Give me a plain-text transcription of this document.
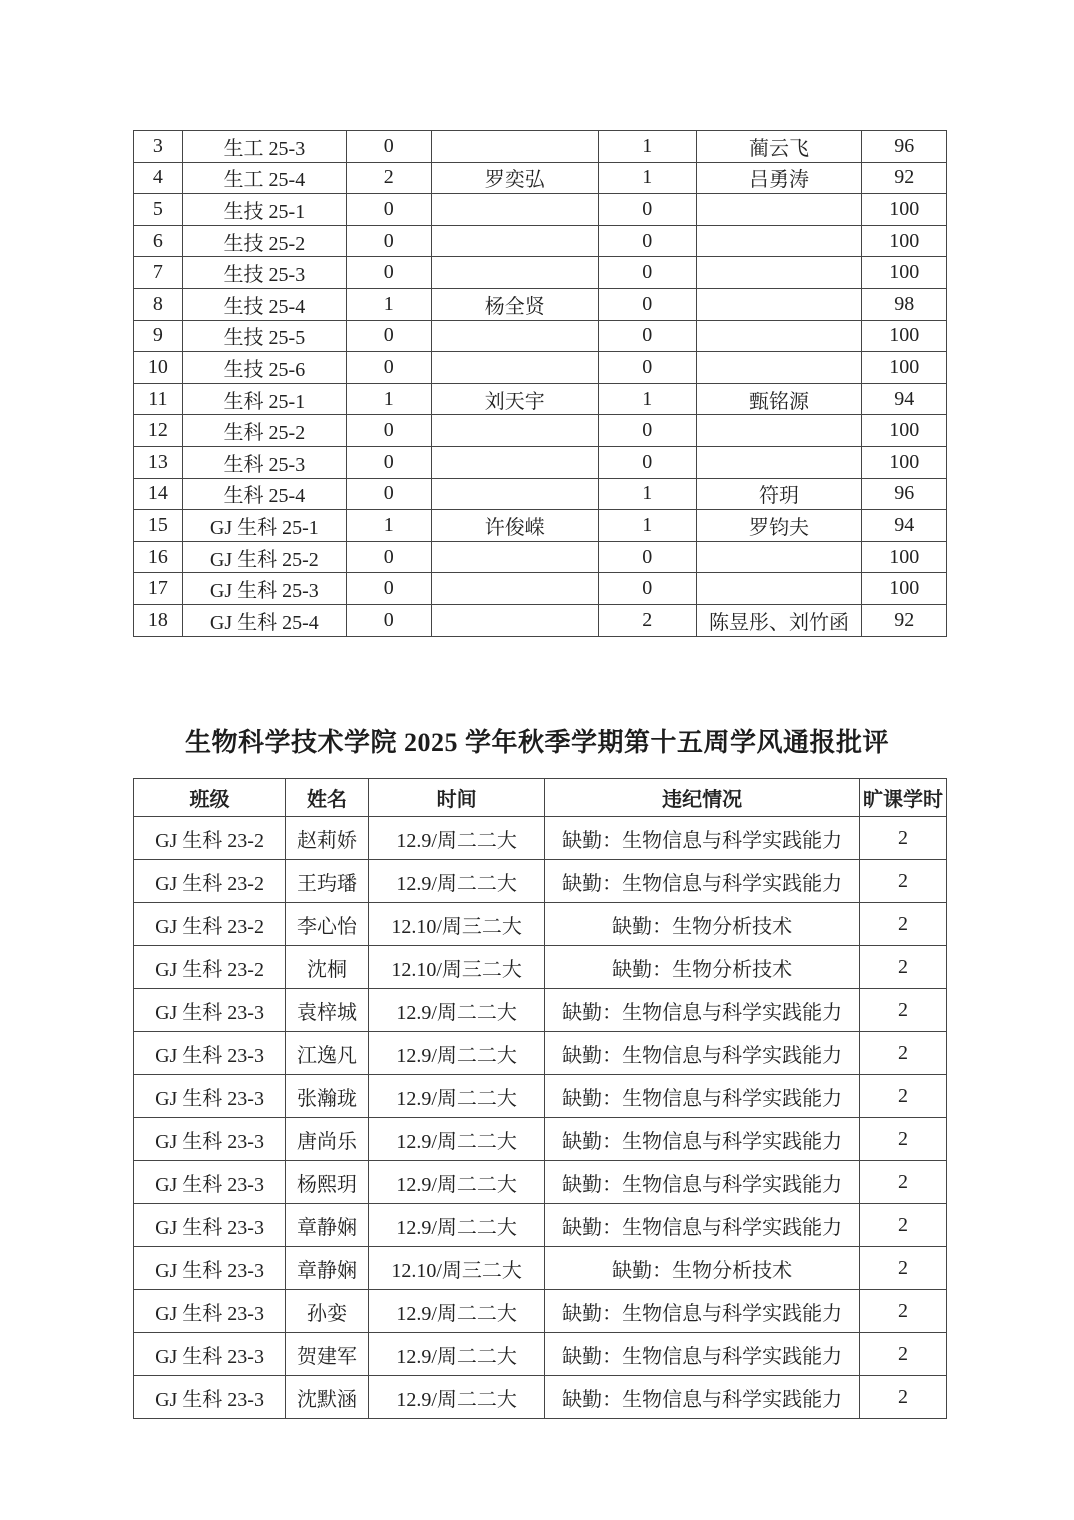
3	生工 25-3	0		1	蔺云飞	96
4	生工 25-4	2	罗奕弘	1	吕勇涛	92
5	生技 25-1	0		0		100
6	生技 25-2	0		0		100
7	生技 25-3	0		0		100
8	生技 25-4	1	杨全贤	0		98
9	生技 25-5	0		0		100
10	生技 25-6	0		0		100
11	生科 25-1	1	刘天宇	1	甄铭源	94
12	生科 25-2	0		0		100
13	生科 25-3	0		0		100
14	生科 25-4	0		1	符玥	96
15	GJ 生科 25-1	1	许俊嵘	1	罗钧夫	94
16	GJ 生科 25-2	0		0		100
17	GJ 生科 25-3	0		0		100
18	GJ 生科 25-4	0		2	陈昱彤、刘竹函	92
生物科学技术学院 2025 学年秋季学期第十五周学风通报批评
班级	姓名	时间	违纪情况	旷课学时
GJ 生科 23-2	赵莉娇	12.9/周二二大	缺勤：生物信息与科学实践能力	2
GJ 生科 23-2	王玙璠	12.9/周二二大	缺勤：生物信息与科学实践能力	2
GJ 生科 23-2	李心怡	12.10/周三二大	缺勤：生物分析技术	2
GJ 生科 23-2	沈桐	12.10/周三二大	缺勤：生物分析技术	2
GJ 生科 23-3	袁梓城	12.9/周二二大	缺勤：生物信息与科学实践能力	2
GJ 生科 23-3	江逸凡	12.9/周二二大	缺勤：生物信息与科学实践能力	2
GJ 生科 23-3	张瀚珑	12.9/周二二大	缺勤：生物信息与科学实践能力	2
GJ 生科 23-3	唐尚乐	12.9/周二二大	缺勤：生物信息与科学实践能力	2
GJ 生科 23-3	杨熙玥	12.9/周二二大	缺勤：生物信息与科学实践能力	2
GJ 生科 23-3	章静娴	12.9/周二二大	缺勤：生物信息与科学实践能力	2
GJ 生科 23-3	章静娴	12.10/周三二大	缺勤：生物分析技术	2
GJ 生科 23-3	孙娈	12.9/周二二大	缺勤：生物信息与科学实践能力	2
GJ 生科 23-3	贺建军	12.9/周二二大	缺勤：生物信息与科学实践能力	2
GJ 生科 23-3	沈默涵	12.9/周二二大	缺勤：生物信息与科学实践能力	2
